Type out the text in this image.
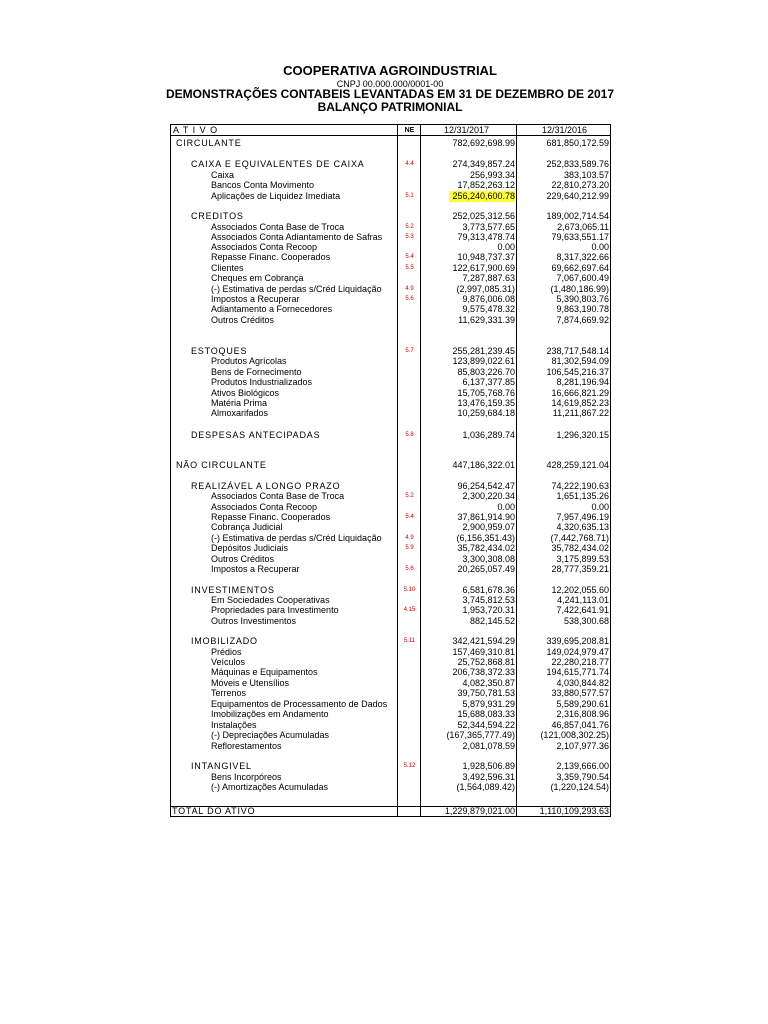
COOPERATIVA AGROINDUSTRIAL
CNPJ 00.000.000/0001-00
DEMONSTRAÇÕES CONTABEIS LEVANTADAS EM 31 DE DEZEMBRO DE 2017
BALANÇO PATRIMONIAL
A T I V O	NE	12/31/2017	12/31/2016
CIRCULANTE	782,692,698.99	681,850,172.59
CAIXA E EQUIVALENTES DE CAIXA	4.4	274,349,857.24	252,833,589.76
Caixa	256,993.34	383,103.57
Bancos Conta Movimento	17,852,263.12	22,810,273.20
Aplicações de Liquidez Imediata	5.1	256,240,600.78	229,640,212.99
CREDITOS	252,025,312.56	189,002,714.54
Associados Conta Base de Troca	5.2	3,773,577.65	2,673,065.11
Associados Conta Adiantamento de Safras	5.3	79,313,478.74	79,633,551.17
Associados Conta Recoop	0.00	0.00
Repasse Financ. Cooperados	5.4	10,948,737.37	8,317,322.66
Clientes	5.5	122,617,900.69	69,662,697.64
Cheques em Cobrança	7,287,887.63	7,067,600.49
(-) Estimativa de perdas s/Créd Liquidação	4.9	(2,997,085.31)	(1,480,186.99)
Impostos a Recuperar	5.6	9,876,006.08	5,390,803.76
Adiantamento a Fornecedores	9,575,478.32	9,863,190.78
Outros Créditos	11,629,331.39	7,874,669.92
ESTOQUES	5.7	255,281,239.45	238,717,548.14
Produtos Agrícolas	123,899,022.61	81,302,594.09
Bens de Fornecimento	85,803,226.70	106,545,216.37
Produtos Industrializados	6,137,377.85	8,281,196.94
Ativos Biológicos	15,705,768.76	16,666,821.29
Matéria Prima	13,476,159.35	14,619,852.23
Almoxarifados	10,259,684.18	11,211,867.22
DESPESAS ANTECIPADAS	5.8	1,036,289.74	1,296,320.15
NÃO CIRCULANTE	447,186,322.01	428,259,121.04
REALIZÁVEL A LONGO PRAZO	96,254,542.47	74,222,190.63
Associados Conta Base de Troca	5.2	2,300,220.34	1,651,135.26
Associados Conta Recoop	0.00	0.00
Repasse Financ. Cooperados	5.4	37,861,914.90	7,957,496.19
Cobrança Judicial	2,900,959.07	4,320,635.13
(-) Estimativa de perdas s/Créd Liquidação	4.9	(6,156,351.43)	(7,442,768.71)
Depósitos Judiciais	5.9	35,782,434.02	35,782,434.02
Outros Créditos	3,300,308.08	3,175,899.53
Impostos a Recuperar	5.6	20,265,057.49	28,777,359.21
INVESTIMENTOS	5.10	6,581,678.36	12,202,055.60
Em Sociedades Cooperativas	3,745,812.53	4,241,113.01
Propriedades para Investimento	4.15	1,953,720.31	7,422,641.91
Outros Investimentos	882,145.52	538,300.68
IMOBILIZADO	5.11	342,421,594.29	339,695,208.81
Prédios	157,469,310.81	149,024,979.47
Veículos	25,752,868.81	22,280,218.77
Máquinas e Equipamentos	206,738,372.33	194,615,771.74
Móveis e Utensílios	4,082,350.87	4,030,844.82
Terrenos	39,750,781.53	33,880,577.57
Equipamentos de Processamento de Dados	5,879,931.29	5,589,290.61
Imobilizações em Andamento	15,688,083.33	2,316,808.96
Instalações	52,344,594.22	46,857,041.76
(-) Depreciações Acumuladas	(167,365,777.49)	(121,008,302.25)
Reflorestamentos	2,081,078.59	2,107,977.36
INTANGIVEL	5.12	1,928,506.89	2,139,666.00
Bens Incorpóreos	3,492,596.31	3,359,790.54
(-) Amortizações Acumuladas	(1,564,089.42)	(1,220,124.54)
TOTAL DO ATIVO	1,229,879,021.00	1,110,109,293.63
